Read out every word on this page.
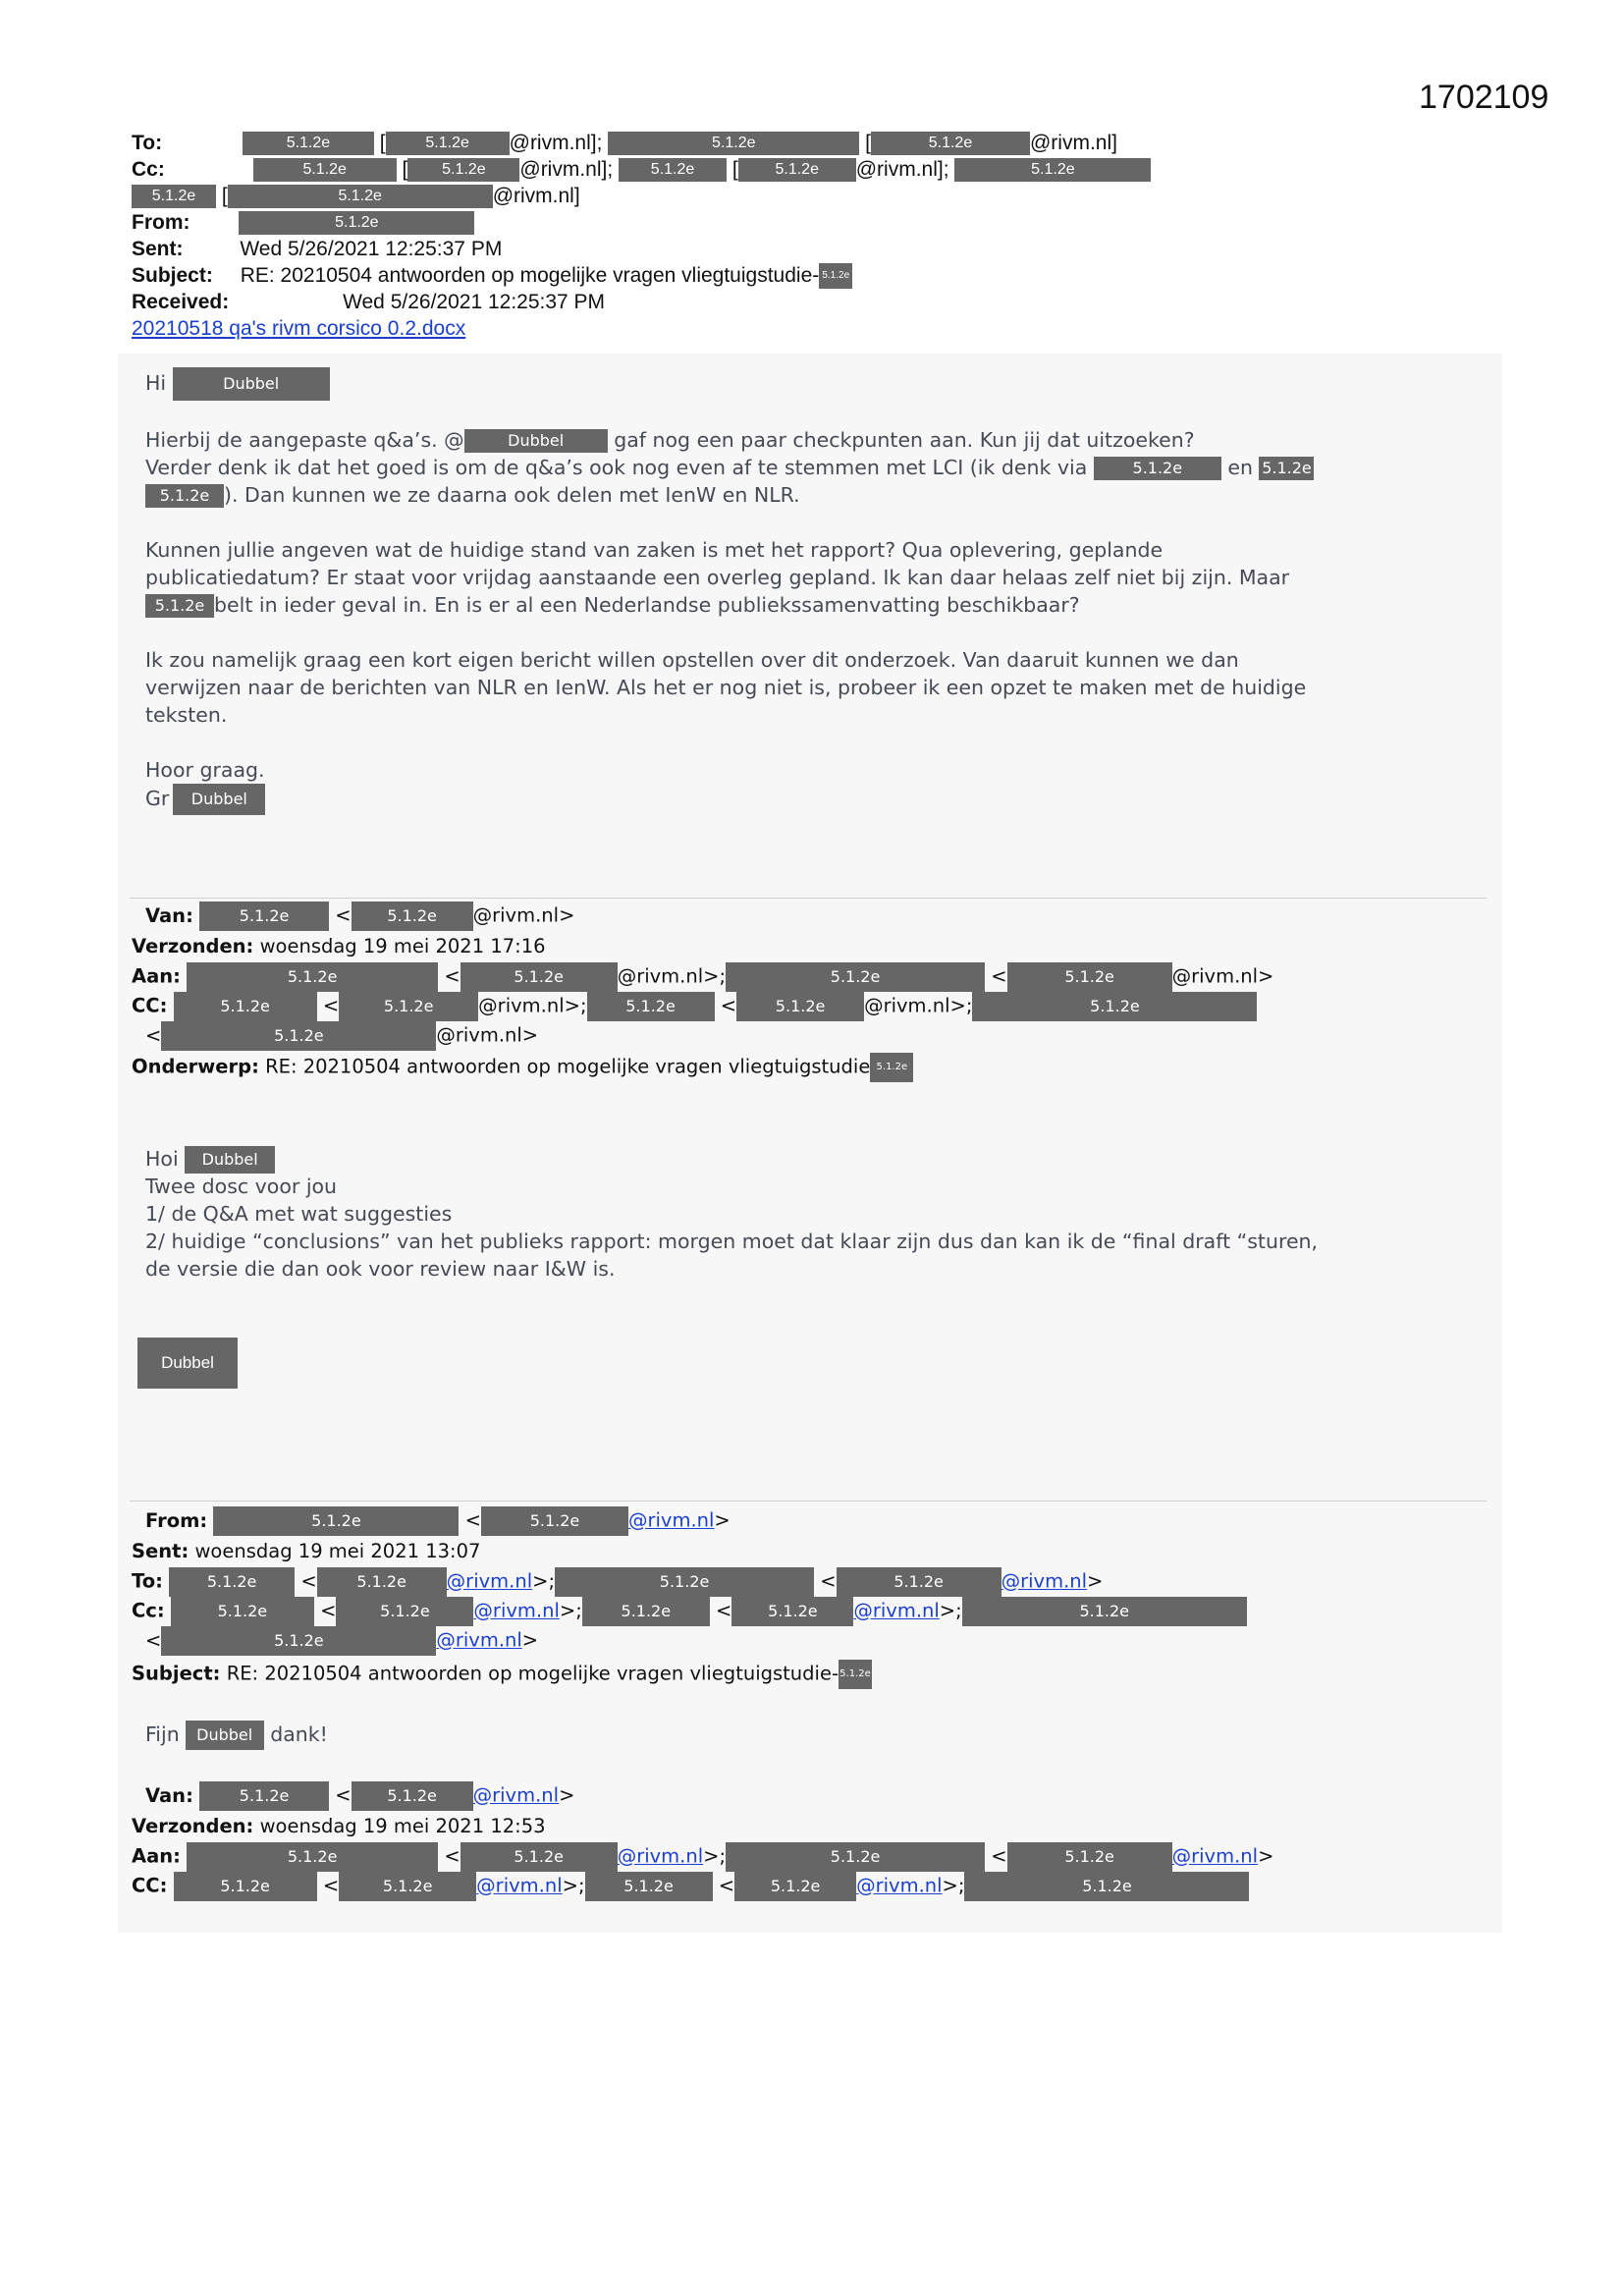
1702109
To:	5.1.2e [	5.1.2e @rivm.nl];	5.1.2e	[	5.1.2e	@rivm.nl]
Cc:	5.1.2e	[ 5.1.2e @rivm.nl]; 5.1.2e [ 5.1.2e @rivm.nl];	5.1.2e
5.1.2e [	5.1.2e	@rivm.nl]
From:	5.1.2e
Sent:	Wed 5/26/2021 12:25:37 PM
Subject: RE: 20210504 antwoorden op mogelijke vragen vliegtuigstudie- 5.1.2e
Received:	Wed 5/26/2021 12:25:37 PM
20210518 qa's rivm corsico 0.2.docx
Hi	Dubbel
Hierbij de aangepaste q&a’s. @	Dubbel gaf nog een paar checkpunten aan. Kun jij dat uitzoeken?
Verder denk ik dat het goed is om de q&a’s ook nog even af te stemmen met LCI (ik denk via	5.1.2e en 5.1.2e
5.1.2e ). Dan kunnen we ze daarna ook delen met IenW en NLR.
Kunnen jullie angeven wat de huidige stand van zaken is met het rapport? Qua oplevering, geplande
publicatiedatum? Er staat voor vrijdag aanstaande een overleg gepland. Ik kan daar helaas zelf niet bij zijn. Maar
5.1.2e belt in ieder geval in. En is er al een Nederlandse publiekssamenvatting beschikbaar?
Ik zou namelijk graag een kort eigen bericht willen opstellen over dit onderzoek. Van daaruit kunnen we dan
verwijzen naar de berichten van NLR en IenW. Als het er nog niet is, probeer ik een opzet te maken met de huidige
teksten.
Hoor graag.
Gr Dubbel
Van:	5.1.2e < 5.1.2e @rivm.nl>
Verzonden: woensdag 19 mei 2021 17:16
Aan:	5.1.2e	<	5.1.2e	@rivm.nl>;	5.1.2e	<	5.1.2e	@rivm.nl>
CC:	5.1.2e	<	5.1.2e @rivm.nl>; 5.1.2e < 5.1.2e @rivm.nl>;	5.1.2e
<	5.1.2e	@rivm.nl>
Onderwerp: RE: 20210504 antwoorden op mogelijke vragen vliegtuigstudie 5.1.2e
Hoi Dubbel
Twee dosc voor jou
1/ de Q&A met wat suggesties
2/ huidige “conclusions” van het publieks rapport: morgen moet dat klaar zijn dus dan kan ik de “final draft “sturen,
de versie die dan ook voor review naar I&W is.
Dubbel
From:	5.1.2e	<	5.1.2e	@rivm.nl>
Sent: woensdag 19 mei 2021 13:07
To:	5.1.2e <	5.1.2e @rivm.nl>;	5.1.2e	<	5.1.2e	@rivm.nl>
Cc:	5.1.2e	<	5.1.2e @rivm.nl>; 5.1.2e < 5.1.2e @rivm.nl>;	5.1.2e
<	5.1.2e	@rivm.nl>
Subject: RE: 20210504 antwoorden op mogelijke vragen vliegtuigstudie-5.1.2e
Fijn Dubbel dank!
Van:	5.1.2e < 5.1.2e @rivm.nl>
Verzonden: woensdag 19 mei 2021 12:53
Aan:	5.1.2e	<	5.1.2e	@rivm.nl>;	5.1.2e	<	5.1.2e	@rivm.nl>
CC:	5.1.2e	<	5.1.2e @rivm.nl>; 5.1.2e < 5.1.2e @rivm.nl>;	5.1.2e
